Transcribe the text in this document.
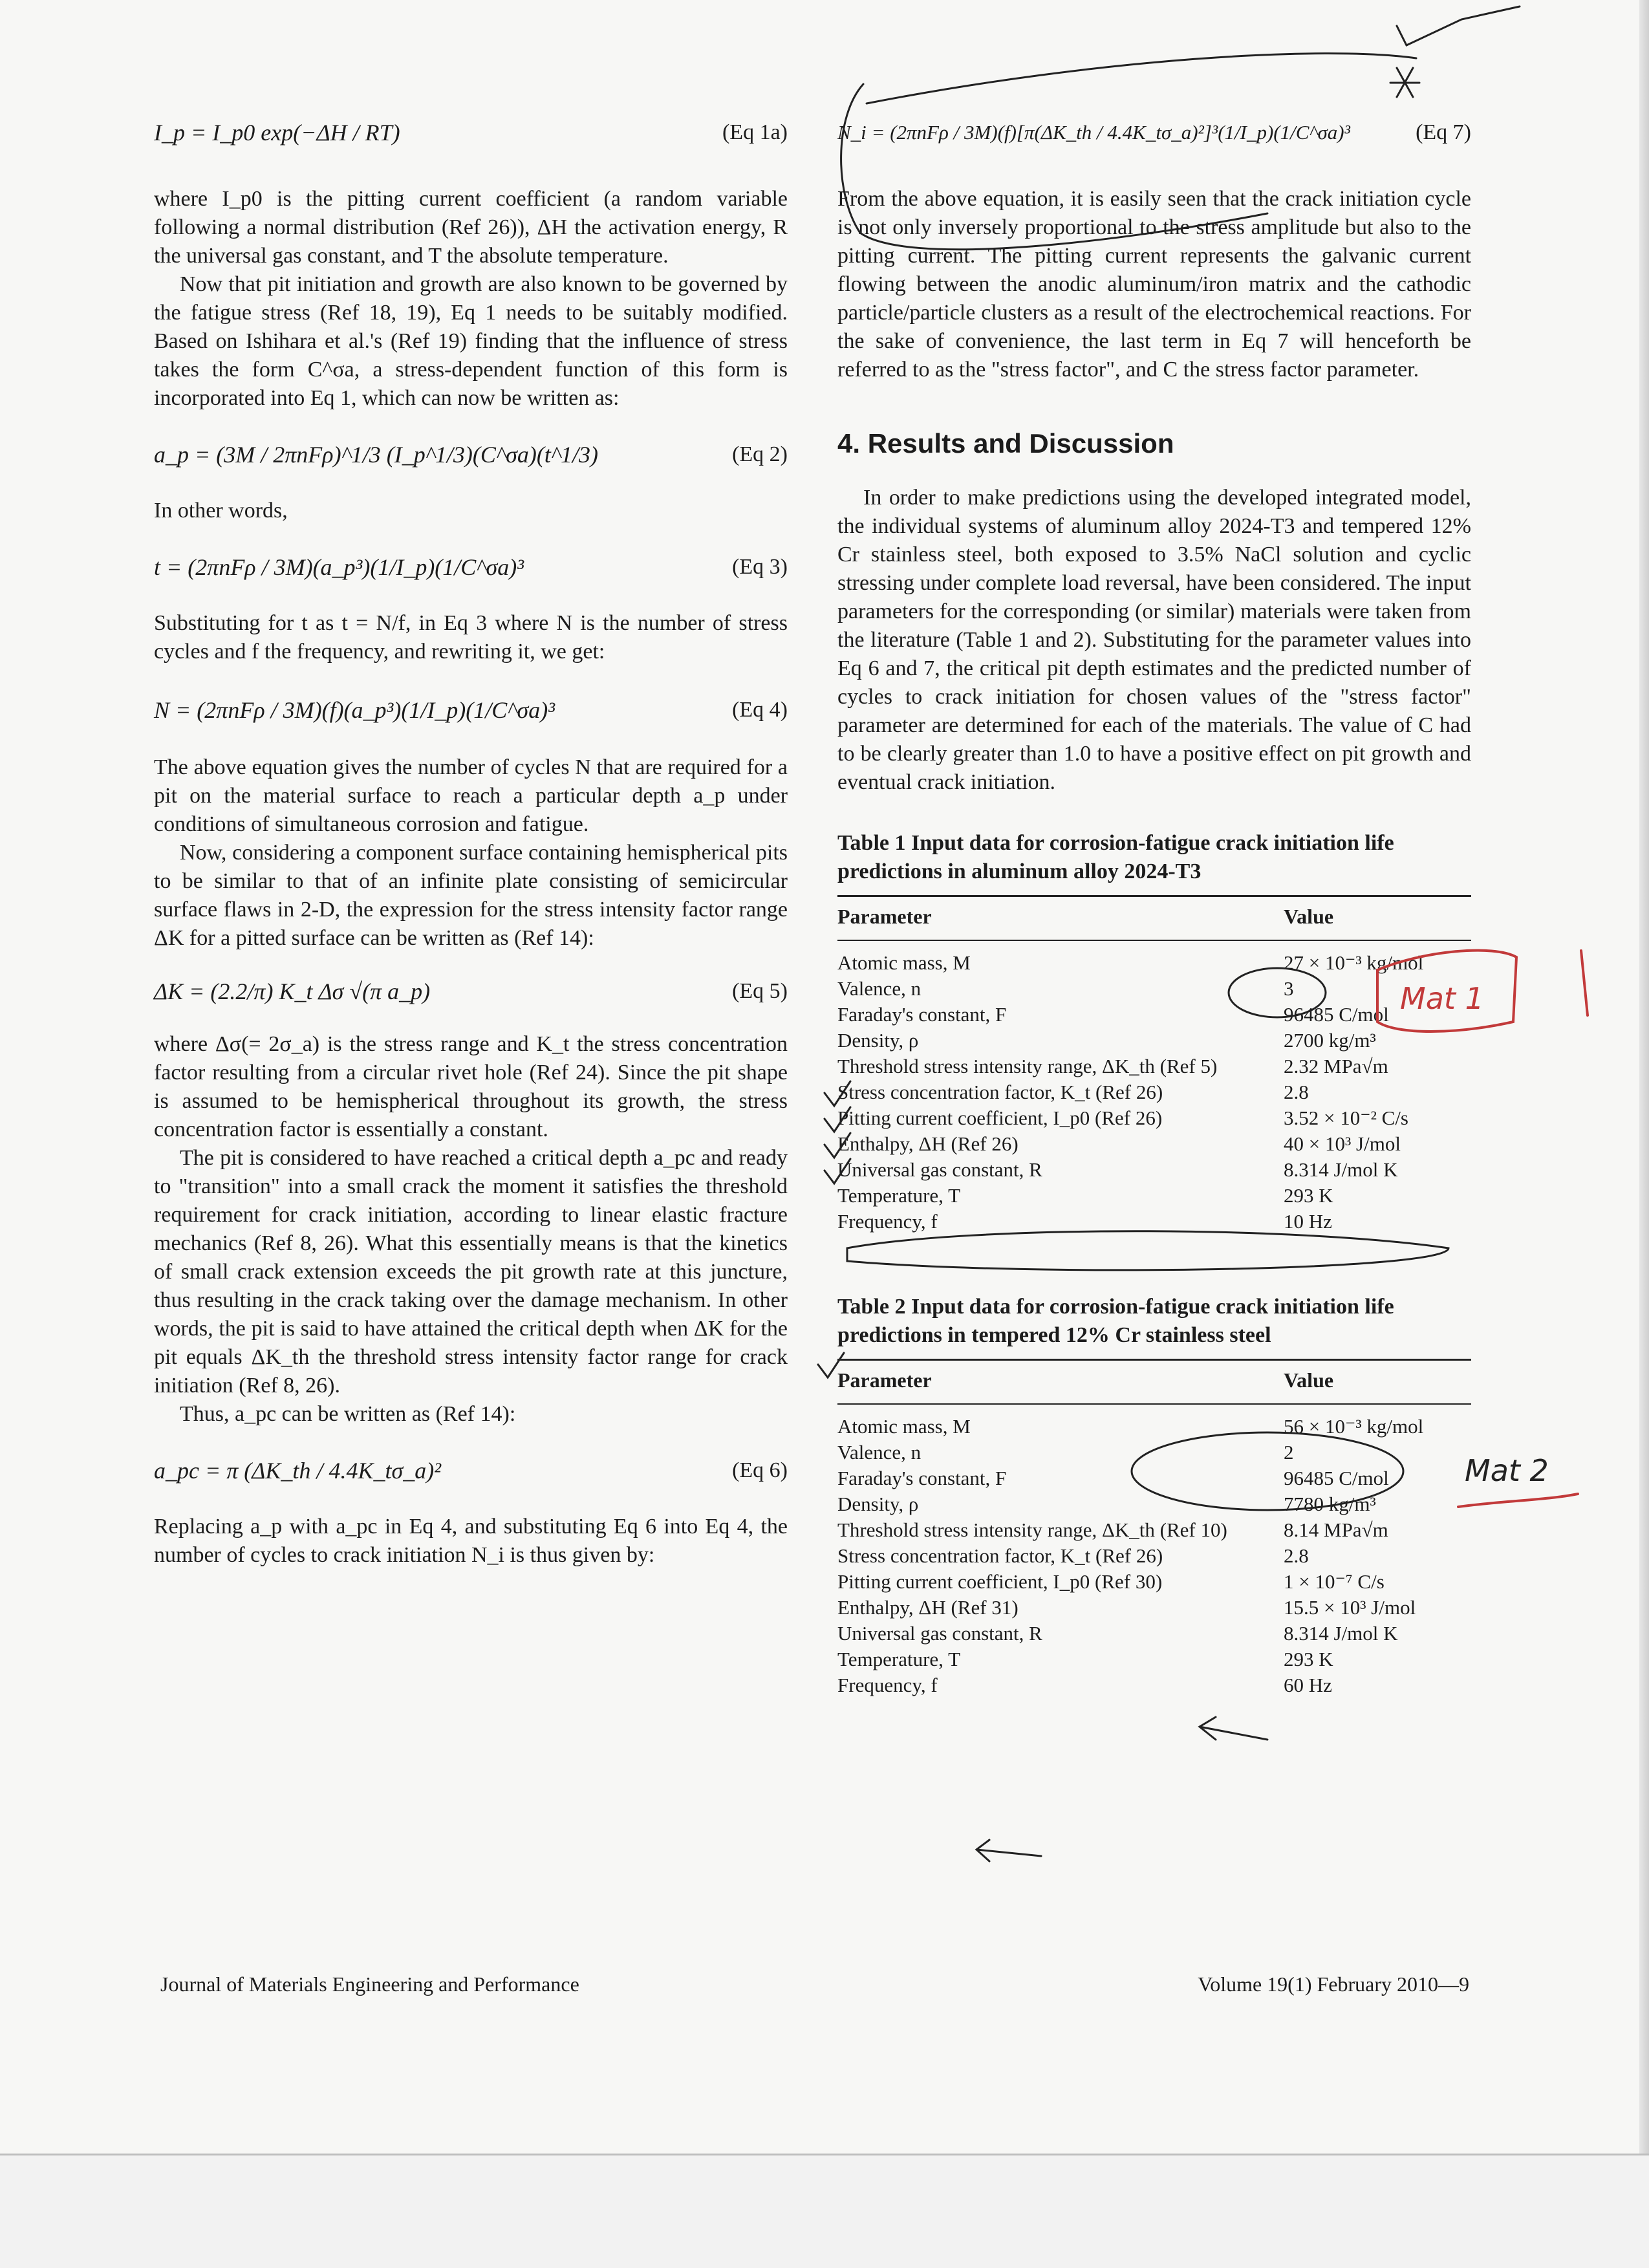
I_p = I_p0 exp(−ΔH / RT)	(Eq 1a)

where I_p0 is the pitting current coefficient (a random variable following a normal distribution (Ref 26)), ΔH the activation energy, R the universal gas constant, and T the absolute temperature.

Now that pit initiation and growth are also known to be governed by the fatigue stress (Ref 18, 19), Eq 1 needs to be suitably modified. Based on Ishihara et al.'s (Ref 19) finding that the influence of stress takes the form C^σa, a stress-dependent function of this form is incorporated into Eq 1, which can now be written as:

a_p = (3M / 2πnFρ)^1/3 (I_p^1/3)(C^σa)(t^1/3)	(Eq 2)

In other words,

t = (2πnFρ / 3M)(a_p³)(1/I_p)(1/C^σa)³	(Eq 3)

Substituting for t as t = N/f, in Eq 3 where N is the number of stress cycles and f the frequency, and rewriting it, we get:

N = (2πnFρ / 3M)(f)(a_p³)(1/I_p)(1/C^σa)³	(Eq 4)

The above equation gives the number of cycles N that are required for a pit on the material surface to reach a particular depth a_p under conditions of simultaneous corrosion and fatigue.

Now, considering a component surface containing hemispherical pits to be similar to that of an infinite plate consisting of semicircular surface flaws in 2-D, the expression for the stress intensity factor range ΔK for a pitted surface can be written as (Ref 14):

ΔK = (2.2/π) K_t Δσ √(π a_p)	(Eq 5)

where Δσ(= 2σ_a) is the stress range and K_t the stress concentration factor resulting from a circular rivet hole (Ref 24). Since the pit shape is assumed to be hemispherical throughout its growth, the stress concentration factor is essentially a constant.

The pit is considered to have reached a critical depth a_pc and ready to "transition" into a small crack the moment it satisfies the threshold requirement for crack initiation, according to linear elastic fracture mechanics (Ref 8, 26). What this essentially means is that the kinetics of small crack extension exceeds the pit growth rate at this juncture, thus resulting in the crack taking over the damage mechanism. In other words, the pit is said to have attained the critical depth when ΔK for the pit equals ΔK_th the threshold stress intensity factor range for crack initiation (Ref 8, 26).

Thus, a_pc can be written as (Ref 14):

a_pc = π (ΔK_th / 4.4K_tσ_a)²	(Eq 6)

Replacing a_p with a_pc in Eq 4, and substituting Eq 6 into Eq 4, the number of cycles to crack initiation N_i is thus given by:

N_i = (2πnFρ / 3M)(f)[π(ΔK_th / 4.4K_tσ_a)²]³(1/I_p)(1/C^σa)³	(Eq 7)

From the above equation, it is easily seen that the crack initiation cycle is not only inversely proportional to the stress amplitude but also to the pitting current. The pitting current represents the galvanic current flowing between the anodic aluminum/iron matrix and the cathodic particle/particle clusters as a result of the electrochemical reactions. For the sake of convenience, the last term in Eq 7 will henceforth be referred to as the "stress factor", and C the stress factor parameter.

4. Results and Discussion

In order to make predictions using the developed integrated model, the individual systems of aluminum alloy 2024-T3 and tempered 12% Cr stainless steel, both exposed to 3.5% NaCl solution and cyclic stressing under complete load reversal, have been considered. The input parameters for the corresponding (or similar) materials were taken from the literature (Table 1 and 2). Substituting for the parameter values into Eq 6 and 7, the critical pit depth estimates and the predicted number of cycles to crack initiation for chosen values of the "stress factor" parameter are determined for each of the materials. The value of C had to be clearly greater than 1.0 to have a positive effect on pit growth and eventual crack initiation.

Table 1 Input data for corrosion-fatigue crack initiation life predictions in aluminum alloy 2024-T3
Parameter	Value
Atomic mass, M	27 × 10⁻³ kg/mol
Valence, n	3
Faraday's constant, F	96485 C/mol
Density, ρ	2700 kg/m³
Threshold stress intensity range, ΔK_th (Ref 5)	2.32 MPa√m
Stress concentration factor, K_t (Ref 26)	2.8
Pitting current coefficient, I_p0 (Ref 26)	3.52 × 10⁻² C/s
Enthalpy, ΔH (Ref 26)	40 × 10³ J/mol
Universal gas constant, R	8.314 J/mol K
Temperature, T	293 K
Frequency, f	10 Hz
Table 2 Input data for corrosion-fatigue crack initiation life predictions in tempered 12% Cr stainless steel
Parameter	Value
Atomic mass, M	56 × 10⁻³ kg/mol
Valence, n	2
Faraday's constant, F	96485 C/mol
Density, ρ	7780 kg/m³
Threshold stress intensity range, ΔK_th (Ref 10)	8.14 MPa√m
Stress concentration factor, K_t (Ref 26)	2.8
Pitting current coefficient, I_p0 (Ref 30)	1 × 10⁻⁷ C/s
Enthalpy, ΔH (Ref 31)	15.5 × 10³ J/mol
Universal gas constant, R	8.314 J/mol K
Temperature, T	293 K
Frequency, f	60 Hz
Journal of Materials Engineering and Performance	Volume 19(1) February 2010—9
Mat 1
Mat 2
